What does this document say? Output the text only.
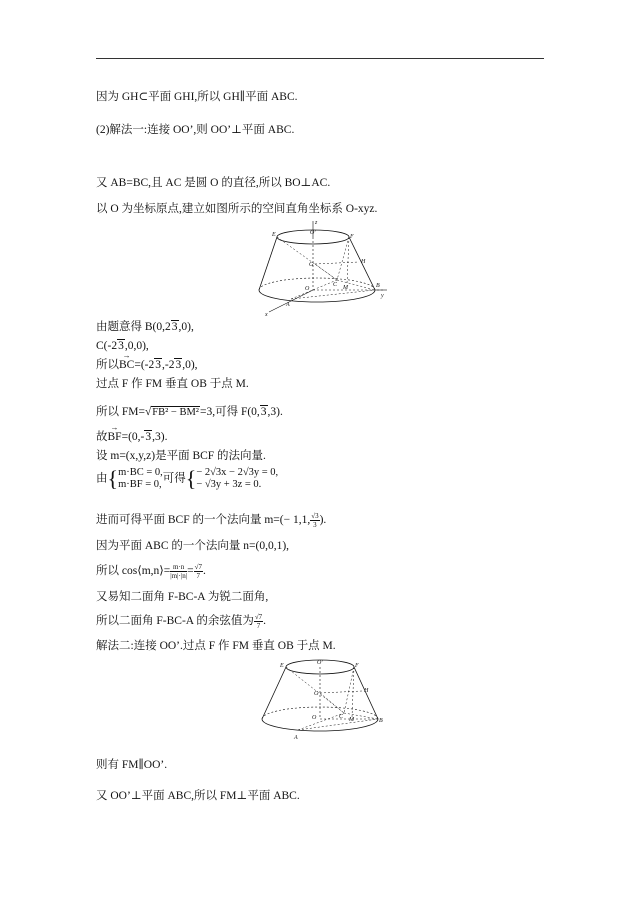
因为 GH⊂平面 GHI,所以 GH∥平面 ABC.
(2)解法一:连接 OO’,则 OO’⊥平面 ABC.
又 AB=BC,且 AC 是圆 O 的直径,所以 BO⊥AC.
以 O 为坐标原点,建立如图所示的空间直角坐标系 O-xyz.
z
E	O'
F
H
G
C M
O	B
y
A
x
由题意得 B(0,23,0),
C(-23,0,0),
所以→ BC=(-23,-23,0),
过点 F 作 FM 垂直 OB 于点 M.
所以 FM=√FB² − BM²=3,可得 F(0,3,3).
故→ BF=(0,-3,3).
设 m=(x,y,z)是平面 BCF 的法向量.
由{m·BC = 0,
m·BF = 0,可得{− 2√3x − 2√3y = 0,
− √3y + 3z = 0.
进而可得平面 BCF 的一个法向量 m=(− 1,1, $\frac{√3}{3}$ ).
因为平面 ABC 的一个法向量 n=(0,0,1),
所以 cos⟨m,n⟩= $\frac{m\cdot n}{|m|\cdot|n|} = \frac{√7}{7}$ .
又易知二面角 F-BC-A 为锐二面角,
所以二面角 F-BC-A 的余弦值为 $\frac{√7}{7}$ .
解法二:连接 OO’.过点 F 作 FM 垂直 OB 于点 M.
E	O'	F
G	H
O	C M	B
A
则有 FM∥OO’.
又 OO’⊥平面 ABC,所以 FM⊥平面 ABC.
